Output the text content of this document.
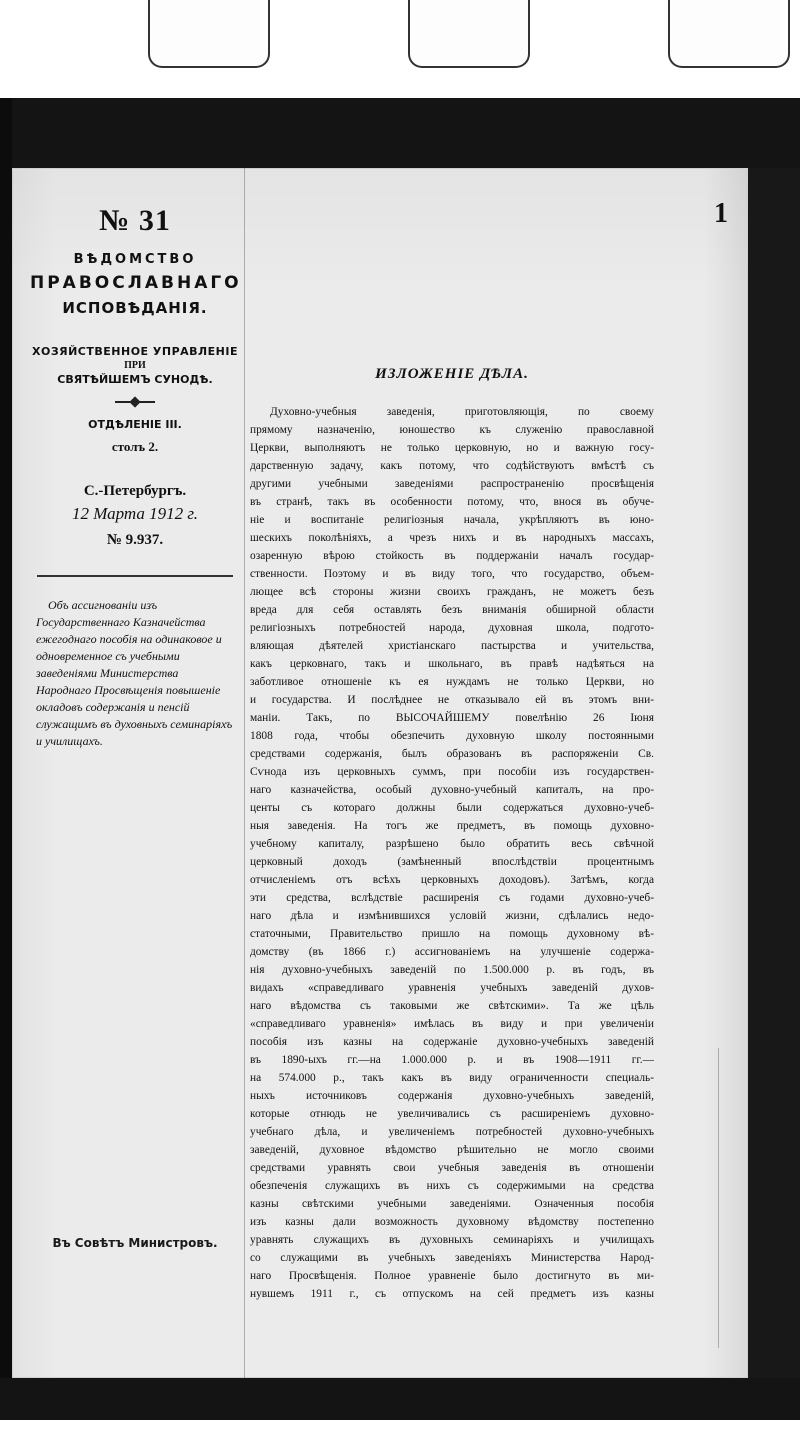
1
№ 31
ВѢДОМСТВО
ПРАВОСЛАВНАГО
ИСПОВѢДАНІЯ.
ХОЗЯЙСТВЕННОЕ УПРАВЛЕНІЕ
ПРИ
СВЯТѢЙШЕМЪ СУНОДѢ.
ОТДѢЛЕНІЕ III.
столъ 2.
С.-Петербургъ.
12 Марта 1912 г.
№ 9.937.
Объ ассигнованіи изъ Государственнаго Казначейства ежегоднаго пособія на одинаковое и одновременное съ учебными заведеніями Министерства Народнаго Просвѣщенія повышеніе окладовъ содержанія и пенсій служащимъ въ духовныхъ семинаріяхъ и училищахъ.
Въ Совѣтъ Министровъ.
ИЗЛОЖЕНІЕ ДѢЛА.
Духовно-учебныя заведенія, приготовляющія, по своему
прямому назначенію, юношество къ служенію православной
Церкви, выполняютъ не только церковную, но и важную госу-
дарственную задачу, какъ потому, что содѣйствуютъ вмѣстѣ съ
другими учебными заведеніями распространенію просвѣщенія
въ странѣ, такъ въ особенности потому, что, внося въ обуче-
ніе и воспитаніе религіозныя начала, укрѣпляютъ въ юно-
шескихъ поколѣніяхъ, а чрезъ нихъ и въ народныхъ массахъ,
озаренную вѣрою стойкость въ поддержаніи началъ государ-
ственности. Поэтому и въ виду того, что государство, объем-
лющее всѣ стороны жизни своихъ гражданъ, не можетъ безъ
вреда для себя оставлять безъ вниманія обширной области
религіозныхъ потребностей народа, духовная школа, подгото-
вляющая дѣятелей христіанскаго пастырства и учительства,
какъ церковнаго, такъ и школьнаго, въ правѣ надѣяться на
заботливое отношеніе къ ея нуждамъ не только Церкви, но
и государства. И послѣднее не отказывало ей въ этомъ вни-
маніи. Такъ, по ВЫСОЧАЙШЕМУ повелѣнію 26 Іюня
1808 года, чтобы обезпечить духовную школу постоянными
средствами содержанія, былъ образованъ въ распоряженіи Св.
Сѵнода изъ церковныхъ суммъ, при пособіи изъ государствен-
наго казначейства, особый духовно-учебный капиталъ, на про-
центы съ котораго должны были содержаться духовно-учеб-
ныя заведенія. На тогъ же предметъ, въ помощь духовно-
учебному капиталу, разрѣшено было обратить весь свѣчной
церковный доходъ (замѣненный впослѣдствіи процентнымъ
отчисленіемъ отъ всѣхъ церковныхъ доходовъ). Затѣмъ, когда
эти средства, вслѣдствіе расширенія съ годами духовно-учеб-
наго дѣла и измѣнившихся условій жизни, сдѣлались недо-
статочными, Правительство пришло на помощь духовному вѣ-
домству (въ 1866 г.) ассигнованіемъ на улучшеніе содержа-
нія духовно-учебныхъ заведеній по 1.500.000 р. въ годъ, въ
видахъ «справедливаго уравненія учебныхъ заведеній духов-
наго вѣдомства съ таковыми же свѣтскими». Та же цѣль
«справедливаго уравненія» имѣлась въ виду и при увеличеніи
пособія изъ казны на содержаніе духовно-учебныхъ заведеній
въ 1890-ыхъ гг.—на 1.000.000 р. и въ 1908—1911 гг.—
на 574.000 р., такъ какъ въ виду ограниченности специаль-
ныхъ источниковъ содержанія духовно-учебныхъ заведеній,
которые отнюдь не увеличивались съ расширеніемъ духовно-
учебнаго дѣла, и увеличеніемъ потребностей духовно-учебныхъ
заведеній, духовное вѣдомство рѣшительно не могло своими
средствами уравнять свои учебныя заведенія въ отношеніи
обезпеченія служащихъ въ нихъ съ содержимыми на средства
казны свѣтскими учебными заведеніями. Означенныя пособія
изъ казны дали возможность духовному вѣдомству постепенно
уравнять служащихъ въ духовныхъ семинаріяхъ и училищахъ
со служащими въ учебныхъ заведеніяхъ Министерства Народ-
наго Просвѣщенія. Полное уравненіе было достигнуто въ ми-
нувшемъ 1911 г., съ отпускомъ на сей предметъ изъ казны
